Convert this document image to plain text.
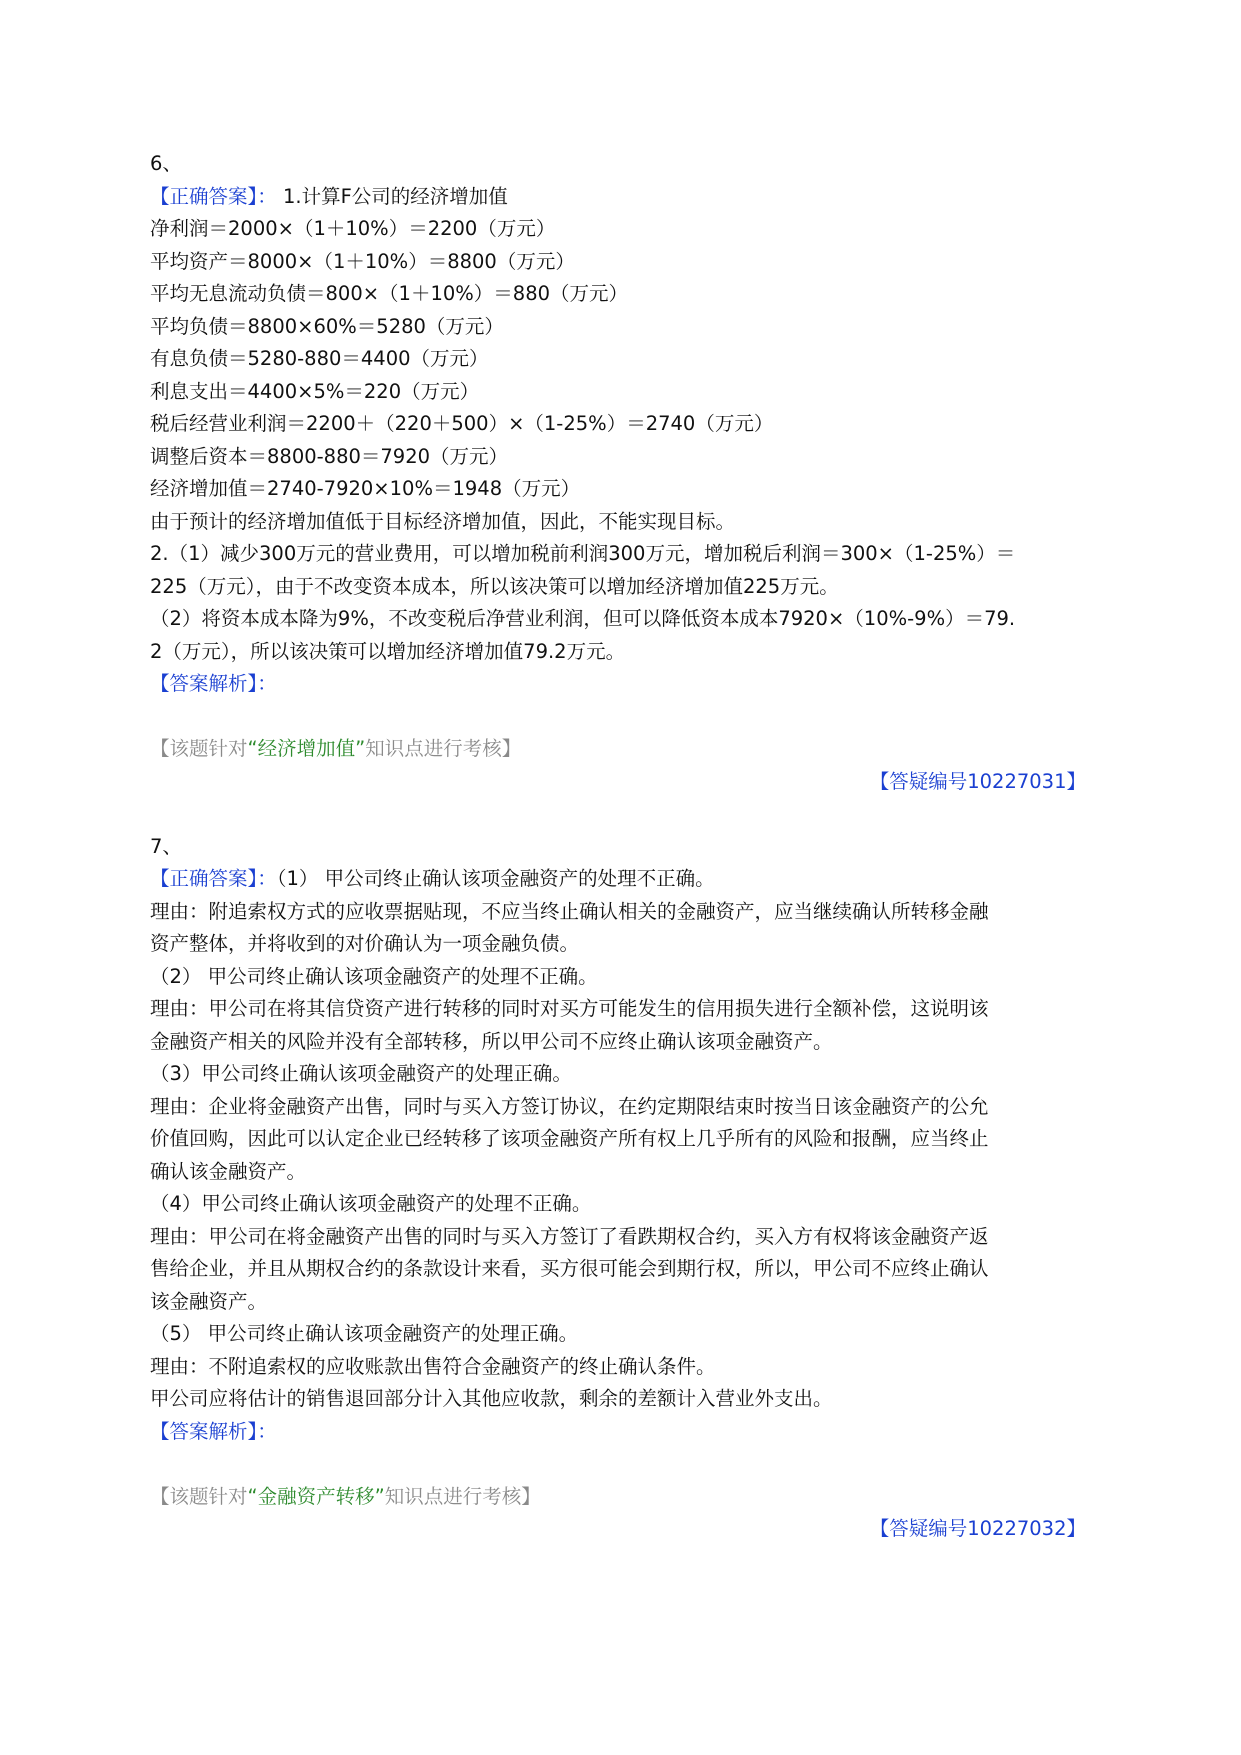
6、
【正确答案】： 1.计算F公司的经济增加值
净利润＝2000×（1＋10%）＝2200（万元）
平均资产＝8000×（1＋10%）＝8800（万元）
平均无息流动负债＝800×（1＋10%）＝880（万元）
平均负债＝8800×60%＝5280（万元）
有息负债＝5280-880＝4400（万元）
利息支出＝4400×5%＝220（万元）
税后经营业利润＝2200＋（220＋500）×（1-25%）＝2740（万元）
调整后资本＝8800-880＝7920（万元）
经济增加值＝2740-7920×10%＝1948（万元）
由于预计的经济增加值低于目标经济增加值，因此，不能实现目标。
2.（1）减少300万元的营业费用，可以增加税前利润300万元，增加税后利润＝300×（1-25%）＝
225（万元），由于不改变资本成本，所以该决策可以增加经济增加值225万元。
（2）将资本成本降为9%，不改变税后净营业利润，但可以降低资本成本7920×（10%-9%）＝79.
2（万元），所以该决策可以增加经济增加值79.2万元。
【答案解析】：
【该题针对“经济增加值”知识点进行考核】
【答疑编号10227031】
7、
【正确答案】：（1） 甲公司终止确认该项金融资产的处理不正确。
理由：附追索权方式的应收票据贴现，不应当终止确认相关的金融资产，应当继续确认所转移金融
资产整体，并将收到的对价确认为一项金融负债。
（2） 甲公司终止确认该项金融资产的处理不正确。
理由：甲公司在将其信贷资产进行转移的同时对买方可能发生的信用损失进行全额补偿，这说明该
金融资产相关的风险并没有全部转移，所以甲公司不应终止确认该项金融资产。
（3）甲公司终止确认该项金融资产的处理正确。
理由：企业将金融资产出售，同时与买入方签订协议，在约定期限结束时按当日该金融资产的公允
价值回购，因此可以认定企业已经转移了该项金融资产所有权上几乎所有的风险和报酬，应当终止
确认该金融资产。
（4）甲公司终止确认该项金融资产的处理不正确。
理由：甲公司在将金融资产出售的同时与买入方签订了看跌期权合约，买入方有权将该金融资产返
售给企业，并且从期权合约的条款设计来看，买方很可能会到期行权，所以，甲公司不应终止确认
该金融资产。
（5） 甲公司终止确认该项金融资产的处理正确。
理由：不附追索权的应收账款出售符合金融资产的终止确认条件。
甲公司应将估计的销售退回部分计入其他应收款，剩余的差额计入营业外支出。
【答案解析】：
【该题针对“金融资产转移”知识点进行考核】
【答疑编号10227032】
